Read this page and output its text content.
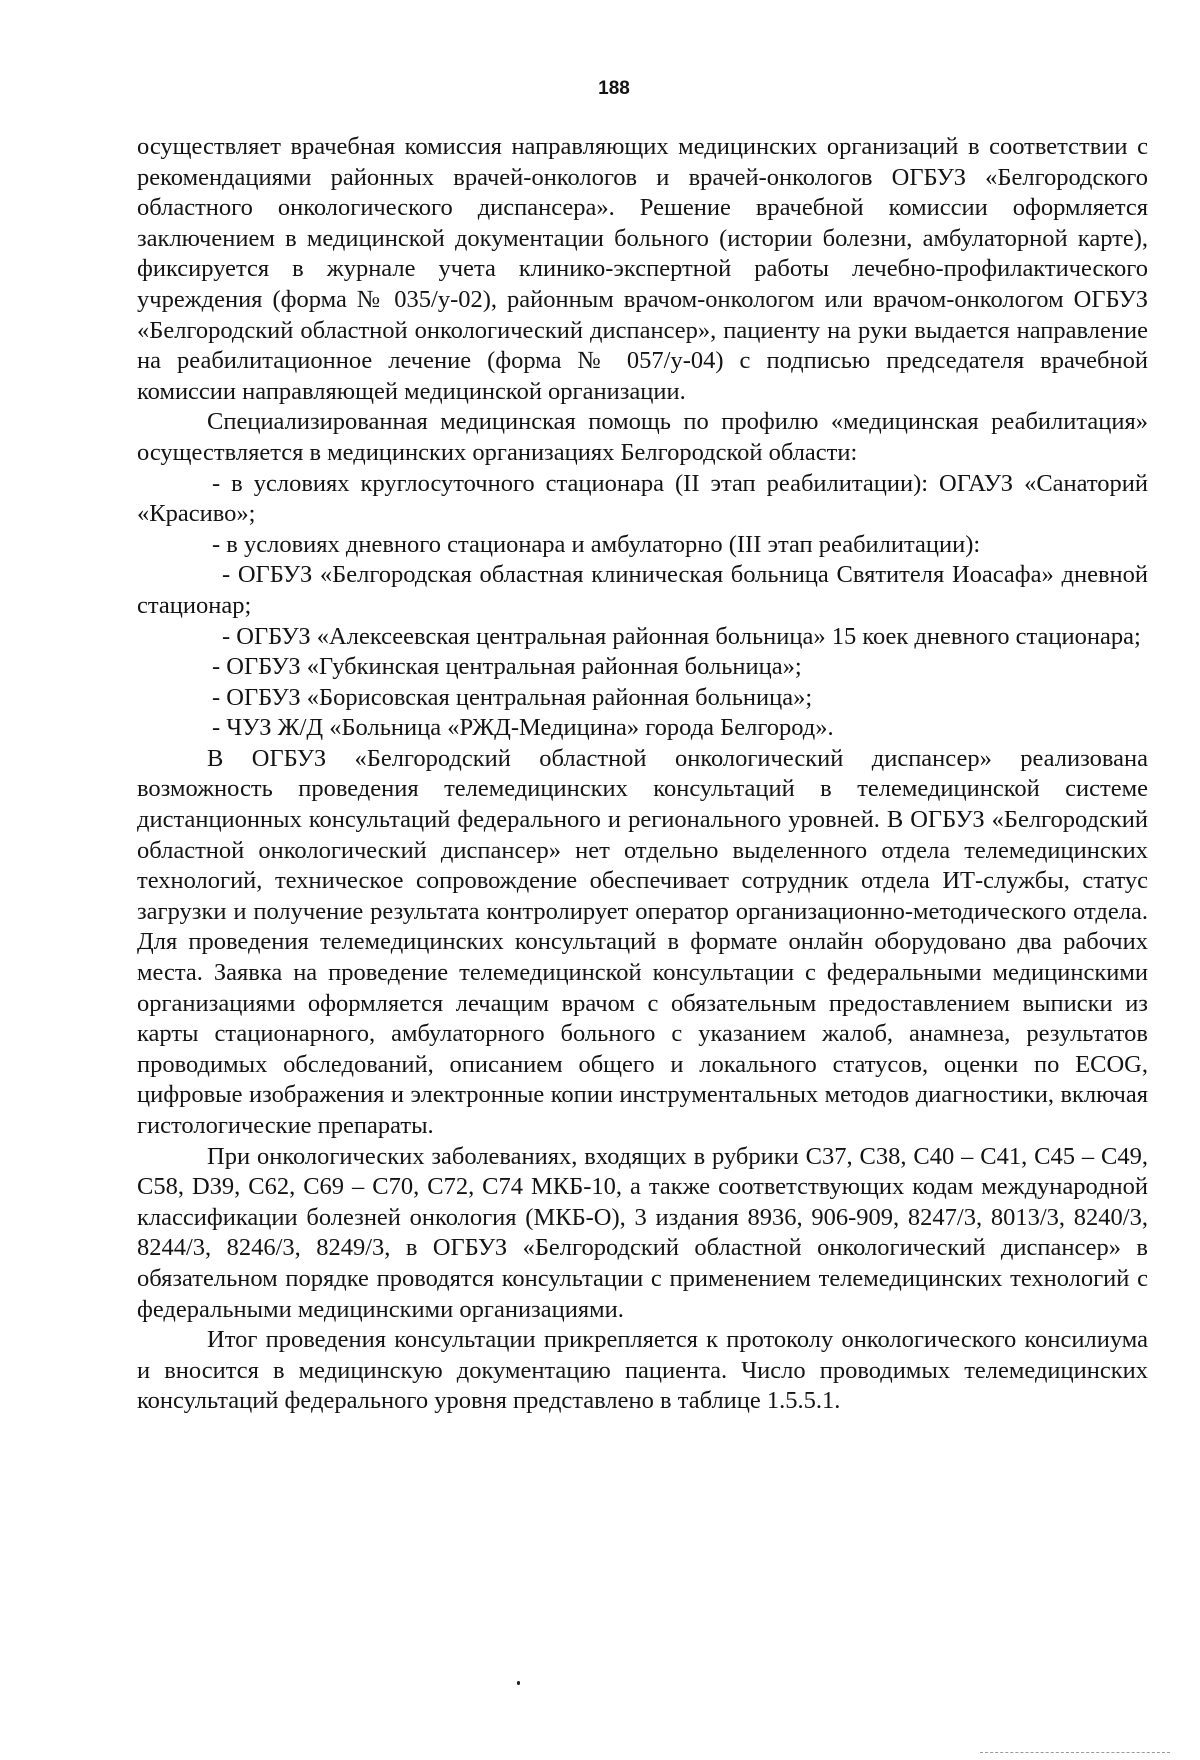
188

осуществляет врачебная комиссия направляющих медицинских организаций в соответствии с рекомендациями районных врачей-онкологов и врачей-онкологов ОГБУЗ «Белгородского областного онкологического диспансера». Решение врачебной комиссии оформляется заключением в медицинской документации больного (истории болезни, амбулаторной карте), фиксируется в журнале учета клинико-экспертной работы лечебно-профилактического учреждения (форма № 035/у-02), районным врачом-онкологом или врачом-онкологом ОГБУЗ «Белгородский областной онкологический диспансер», пациенту на руки выдается направление на реабилитационное лечение (форма № 057/у-04) с подписью председателя врачебной комиссии направляющей медицинской организации.

Специализированная медицинская помощь по профилю «медицинская реабилитация» осуществляется в медицинских организациях Белгородской области:

- в условиях круглосуточного стационара (II этап реабилитации): ОГАУЗ «Санаторий «Красиво»;

- в условиях дневного стационара и амбулаторно (III этап реабилитации):

- ОГБУЗ «Белгородская областная клиническая больница Святителя Иоасафа» дневной стационар;

- ОГБУЗ «Алексеевская центральная районная больница» 15 коек дневного стационара;

- ОГБУЗ «Губкинская центральная районная больница»;

- ОГБУЗ «Борисовская центральная районная больница»;

- ЧУЗ Ж/Д «Больница «РЖД-Медицина» города Белгород».

В ОГБУЗ «Белгородский областной онкологический диспансер» реализована возможность проведения телемедицинских консультаций в телемедицинской системе дистанционных консультаций федерального и регионального уровней. В ОГБУЗ «Белгородский областной онкологический диспансер» нет отдельно выделенного отдела телемедицинских технологий, техническое сопровождение обеспечивает сотрудник отдела ИТ-службы, статус загрузки и получение результата контролирует оператор организационно-методического отдела. Для проведения телемедицинских консультаций в формате онлайн оборудовано два рабочих места. Заявка на проведение телемедицинской консультации с федеральными медицинскими организациями оформляется лечащим врачом с обязательным предоставлением выписки из карты стационарного, амбулаторного больного с указанием жалоб, анамнеза, результатов проводимых обследований, описанием общего и локального статусов, оценки по ECOG, цифровые изображения и электронные копии инструментальных методов диагностики, включая гистологические препараты.

При онкологических заболеваниях, входящих в рубрики C37, C38, C40 – C41, C45 – C49, C58, D39, C62, C69 – C70, C72, C74 МКБ-10, а также соответствующих кодам международной классификации болезней онкология (МКБ-О), 3 издания 8936, 906-909, 8247/3, 8013/3, 8240/3, 8244/3, 8246/3, 8249/3, в ОГБУЗ «Белгородский областной онкологический диспансер» в обязательном порядке проводятся консультации с применением телемедицинских технологий с федеральными медицинскими организациями.

Итог проведения консультации прикрепляется к протоколу онкологического консилиума и вносится в медицинскую документацию пациента. Число проводимых телемедицинских консультаций федерального уровня представлено в таблице 1.5.5.1.
